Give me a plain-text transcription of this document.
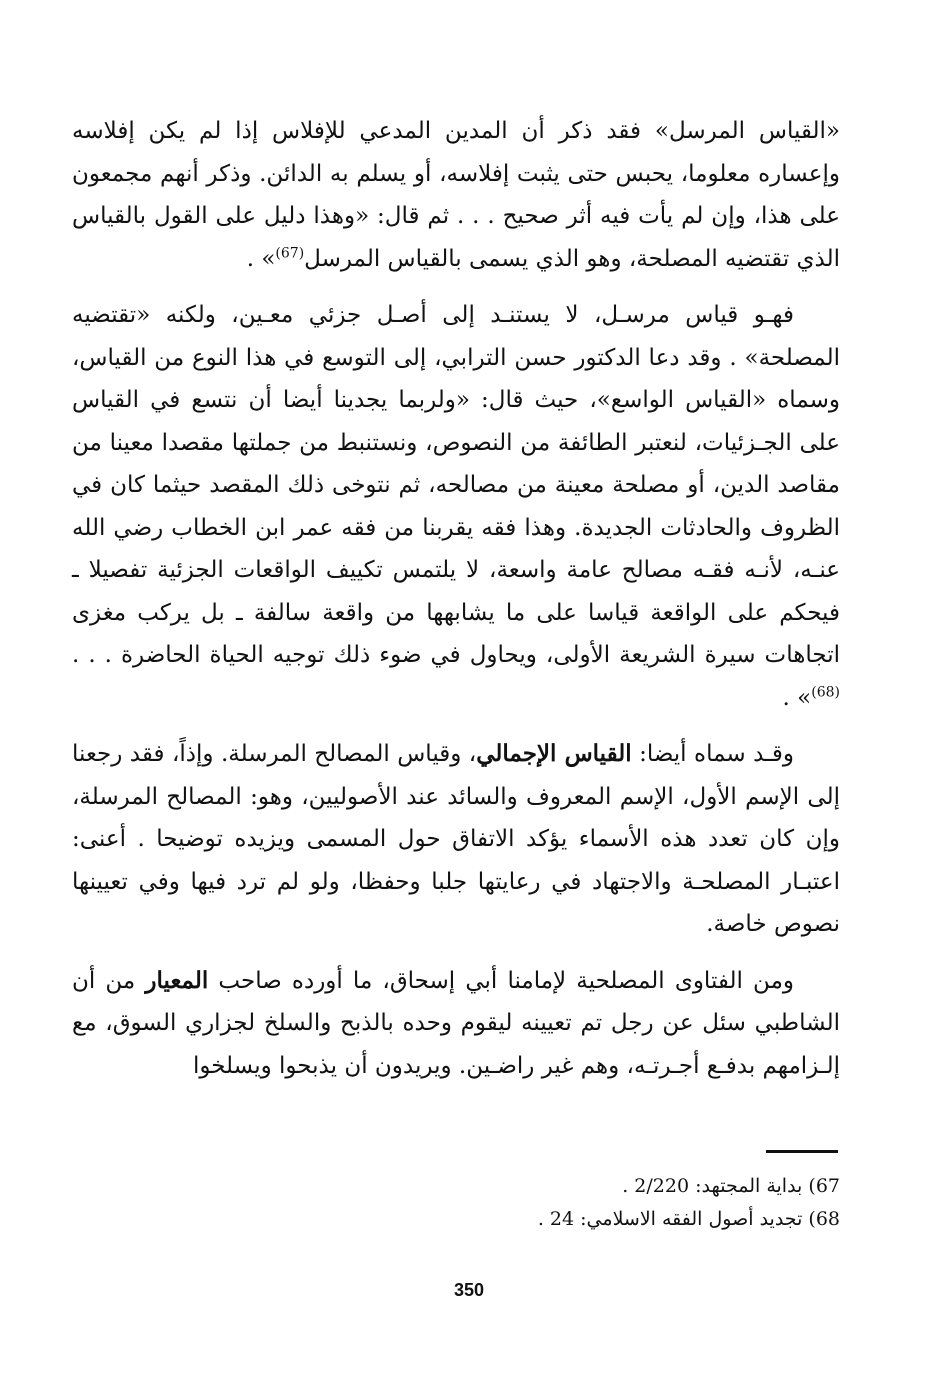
«القياس المرسل» فقد ذكر أن المدين المدعي للإفلاس إذا لم يكن إفلاسه وإعساره معلوما، يحبس حتى يثبت إفلاسه، أو يسلم به الدائن. وذكر أنهم مجمعون على هذا، وإن لم يأت فيه أثر صحيح . . . ثم قال: «وهذا دليل على القول بالقياس الذي تقتضيه المصلحة، وهو الذي يسمى بالقياس المرسل$^{(67)}$» .

فهـو قياس مرسـل، لا يستنـد إلى أصـل جزئي معـين، ولكنه «تقتضيه المصلحة» . وقد دعا الدكتور حسن الترابي، إلى التوسع في هذا النوع من القياس، وسماه «القياس الواسع»، حيث قال: «ولربما يجدينا أيضا أن نتسع في القياس على الجـزئيات، لنعتبر الطائفة من النصوص، ونستنبط من جملتها مقصدا معينا من مقاصد الدين، أو مصلحة معينة من مصالحه، ثم نتوخى ذلك المقصد حيثما كان في الظروف والحادثات الجديدة. وهذا فقه يقربنا من فقه عمر ابن الخطاب رضي الله عنـه، لأنـه فقـه مصالح عامة واسعة، لا يلتمس تكييف الواقعات الجزئية تفصيلا ـ فيحكم على الواقعة قياسا على ما يشابهها من واقعة سالفة ـ بل يركب مغزى اتجاهات سيرة الشريعة الأولى، ويحاول في ضوء ذلك توجيه الحياة الحاضرة . . .$^{(68)}$» .

وقـد سماه أيضا: القياس الإجمالي، وقياس المصالح المرسلة. وإذاً، فقد رجعنا إلى الإسم الأول، الإسم المعروف والسائد عند الأصوليين، وهو: المصالح المرسلة، وإن كان تعدد هذه الأسماء يؤكد الاتفاق حول المسمى ويزيده توضيحا . أعنى: اعتبـار المصلحـة والاجتهاد في رعايتها جلبا وحفظا، ولو لم ترد فيها وفي تعيينها نصوص خاصة.

ومن الفتاوى المصلحية لإمامنا أبي إسحاق، ما أورده صاحب المعيار من أن الشاطبي سئل عن رجل تم تعيينه ليقوم وحده بالذبح والسلخ لجزاري السوق، مع إلـزامهم بدفـع أجـرتـه، وهم غير راضـين. ويريدون أن يذبحوا ويسلخوا

67) بداية المجتهد: 2/220 .

68) تجديد أصول الفقه الاسلامي: 24 .

350
